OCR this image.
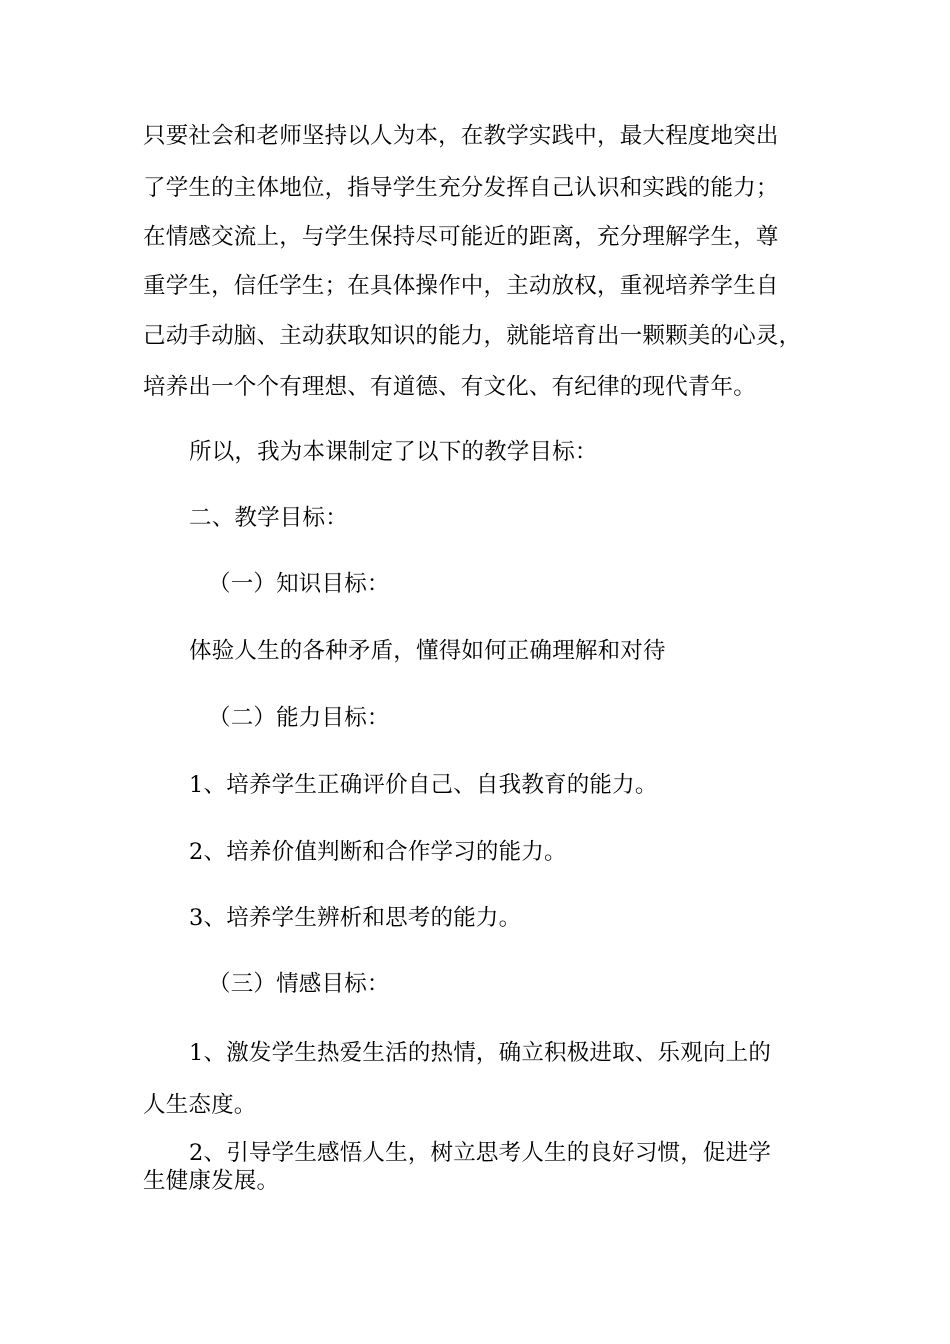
只要社会和老师坚持以人为本，在教学实践中，最大程度地突出
了学生的主体地位，指导学生充分发挥自己认识和实践的能力；
在情感交流上，与学生保持尽可能近的距离，充分理解学生，尊
重学生，信任学生；在具体操作中，主动放权，重视培养学生自
己动手动脑、主动获取知识的能力，就能培育出一颗颗美的心灵，
培养出一个个有理想、有道德、有文化、有纪律的现代青年。
所以，我为本课制定了以下的教学目标：
二、教学目标：
（一）知识目标：
体验人生的各种矛盾，懂得如何正确理解和对待
（二）能力目标：
1、培养学生正确评价自己、自我教育的能力。
2、培养价值判断和合作学习的能力。
3、培养学生辨析和思考的能力。
（三）情感目标：
1、激发学生热爱生活的热情，确立积极进取、乐观向上的
人生态度。
2、引导学生感悟人生，树立思考人生的良好习惯，促进学
生健康发展。
